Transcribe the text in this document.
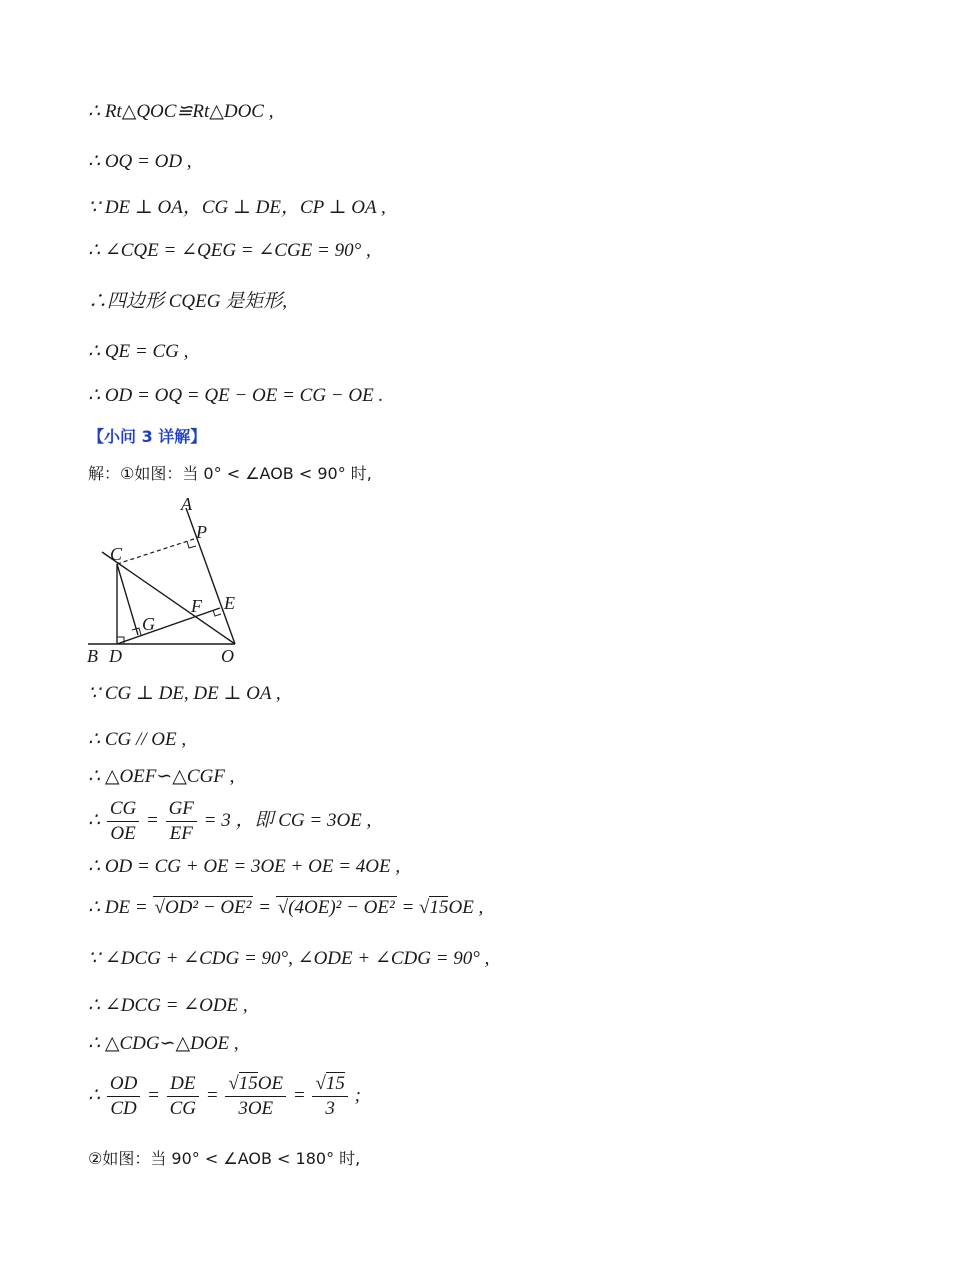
∴ Rt△QOC≌Rt△DOC ,
∴ OQ = OD ,
∵ DE ⊥ OA，CG ⊥ DE，CP ⊥ OA ,
∴ ∠CQE = ∠QEG = ∠CGE = 90° ,
∴四边形 CQEG 是矩形,
∴ QE = CG ,
∴ OD = OQ = QE − OE = CG − OE .
【小问 3 详解】
解：①如图：当 0° < ∠AOB < 90° 时,
A
P
C
E
F
G
B D	O
∵ CG ⊥ DE, DE ⊥ OA ,
∴ CG // OE ,
∴ △OEF∽△CGF ,
∴ $\frac{CG}{OE} = \frac{GF}{EF} = 3$ ，即 CG = 3OE ,
∴ OD = CG + OE = 3OE + OE = 4OE ,
∴ DE = √OD² − OE² = √(4OE)² − OE² = √15OE ,
∵ ∠DCG + ∠CDG = 90°, ∠ODE + ∠CDG = 90° ,
∴ ∠DCG = ∠ODE ,
∴ △CDG∽△DOE ,
∴ $\frac{OD}{CD} = \frac{DE}{CG} = \frac{√15OE}{3OE} = \frac{√15}{3}$ ;
②如图：当 90° < ∠AOB < 180° 时,
